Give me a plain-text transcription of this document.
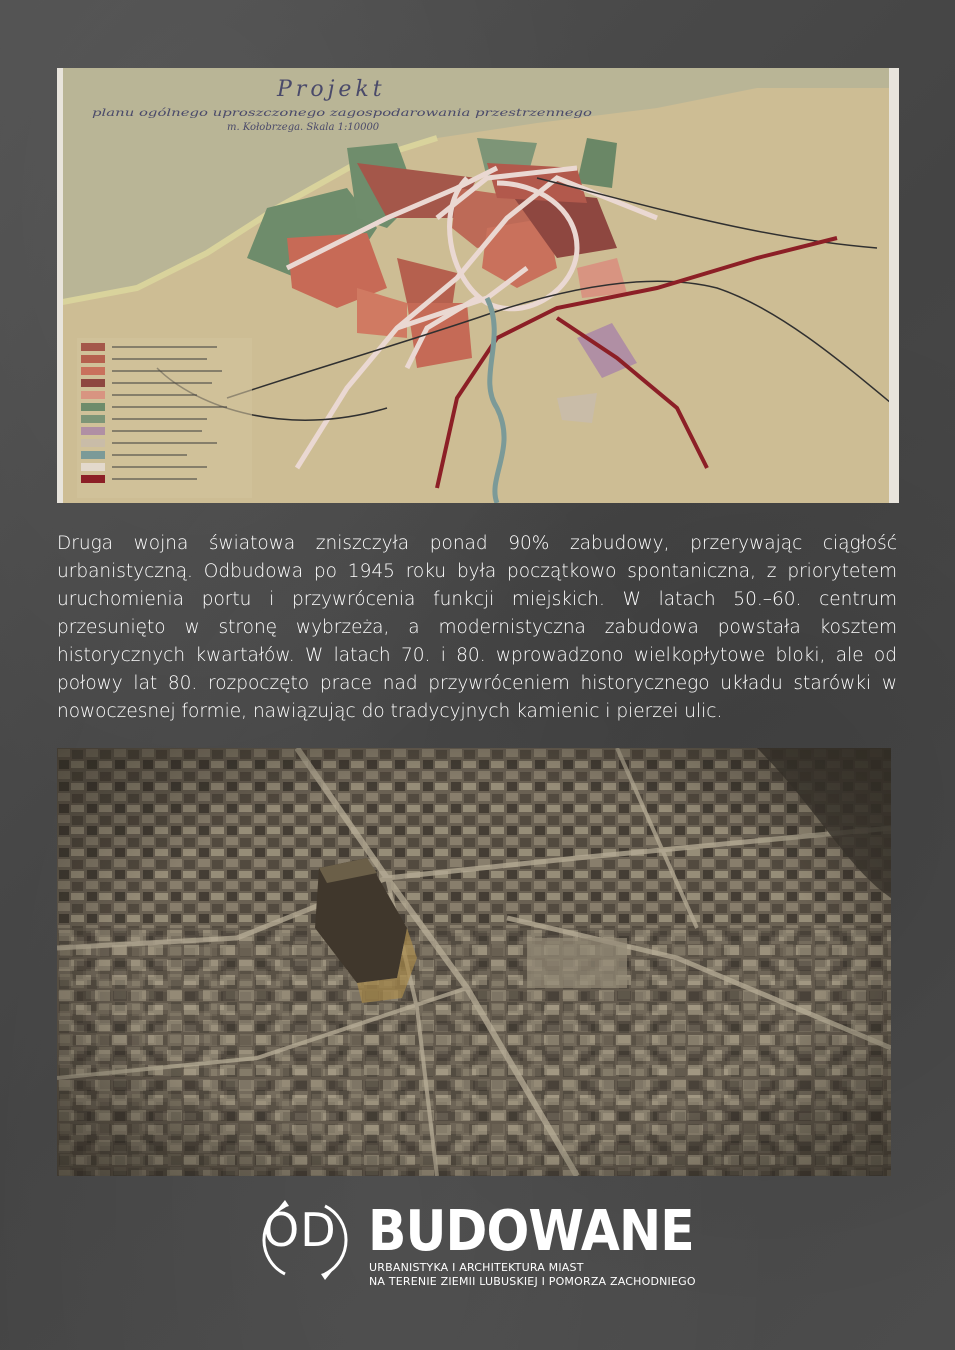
Projekt
planu ogólnego uproszczonego zagospodarowania przestrzennego
m. Kołobrzega. Skala 1:10000

Druga wojna światowa zniszczyła ponad 90% zabudowy, przerywając ciągłość urbanistyczną. Odbudowa po 1945 roku była początkowo spontaniczna, z priorytetem uruchomienia portu i przywrócenia funkcji miejskich. W latach 50.–60. centrum przesunięto w stronę wybrzeża, a modernistyczna zabudowa powstała kosztem historycznych kwartałów. W latach 70. i 80. wprowadzono wielkopłytowe bloki, ale od połowy lat 80. rozpoczęto prace nad przywróceniem historycznego układu starówki w nowoczesnej formie, nawiązując do tradycyjnych kamienic i pierzei ulic.

OD BUDOWANE
URBANISTYKA I ARCHITEKTURA MIAST
NA TERENIE ZIEMII LUBUSKIEJ I POMORZA ZACHODNIEGO
